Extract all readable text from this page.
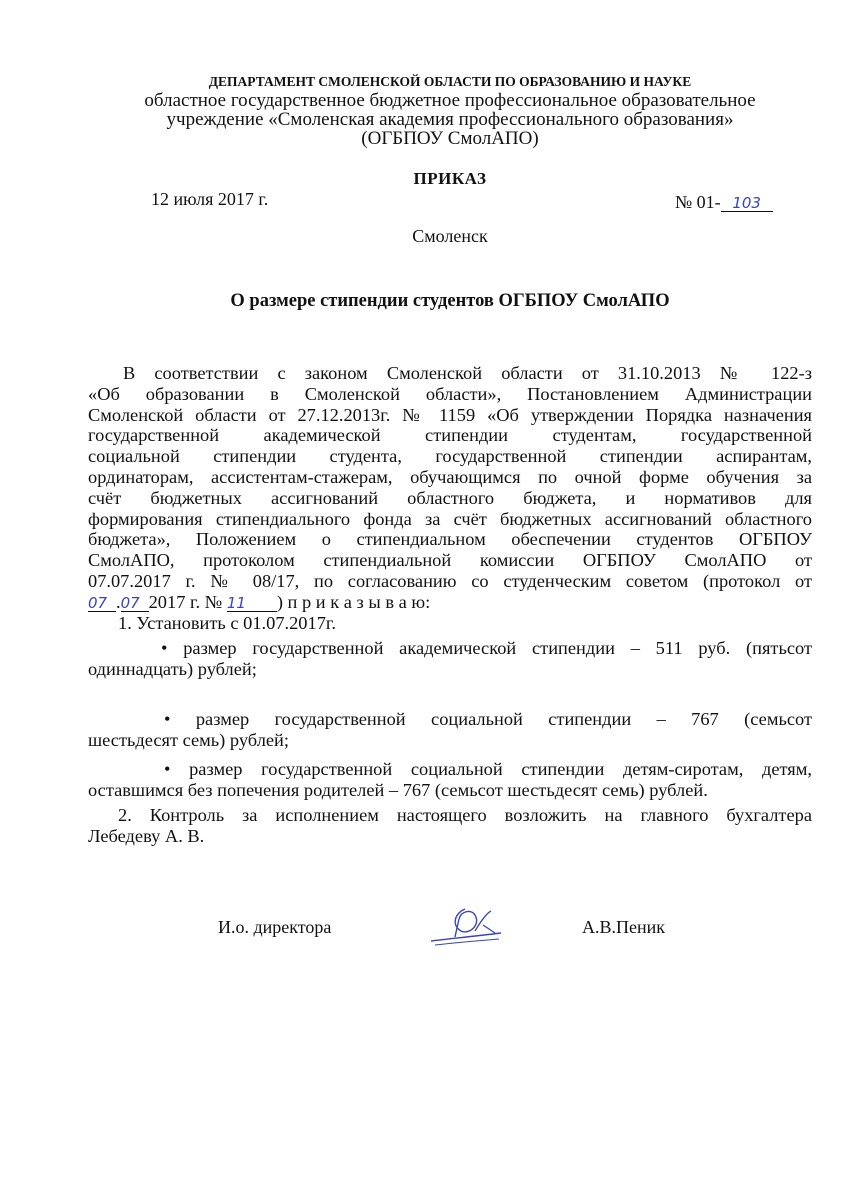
ДЕПАРТАМЕНТ СМОЛЕНСКОЙ ОБЛАСТИ ПО ОБРАЗОВАНИЮ И НАУКЕ
областное государственное бюджетное профессиональное образовательное
учреждение «Смоленская академия профессионального образования»
(ОГБПОУ СмолАПО)
ПРИКАЗ
12 июля 2017 г.	№ 01- 103
Смоленск
О размере стипендии студентов ОГБПОУ СмолАПО
В соответствии с законом Смоленской области от 31.10.2013 № 122-з
«Об образовании в Смоленской области», Постановлением Администрации
Смоленской области от 27.12.2013г. № 1159 «Об утверждении Порядка назначения
государственной академической стипендии студентам, государственной
социальной стипендии студента, государственной стипендии аспирантам,
ординаторам, ассистентам-стажерам, обучающимся по очной форме обучения за
счёт бюджетных ассигнований областного бюджета, и нормативов для
формирования стипендиального фонда за счёт бюджетных ассигнований областного
бюджета», Положением о стипендиальном обеспечении студентов ОГБПОУ
СмолАПО, протоколом стипендиальной комиссии ОГБПОУ СмолАПО от
07.07.2017 г. № 08/17, по согласованию со студенческим советом (протокол от
07 .07 2017 г. № 11 ) п р и к а з ы в а ю:
1. Установить с 01.07.2017г.
• размер государственной академической стипендии – 511 руб. (пятьсот
одиннадцать) рублей;
• размер государственной социальной стипендии – 767 (семьсот
шестьдесят семь) рублей;
• размер государственной социальной стипендии детям-сиротам, детям,
оставшимся без попечения родителей – 767 (семьсот шестьдесят семь) рублей.
2. Контроль за исполнением настоящего возложить на главного бухгалтера
Лебедеву А. В.
И.о. директора	А.В.Пеник
